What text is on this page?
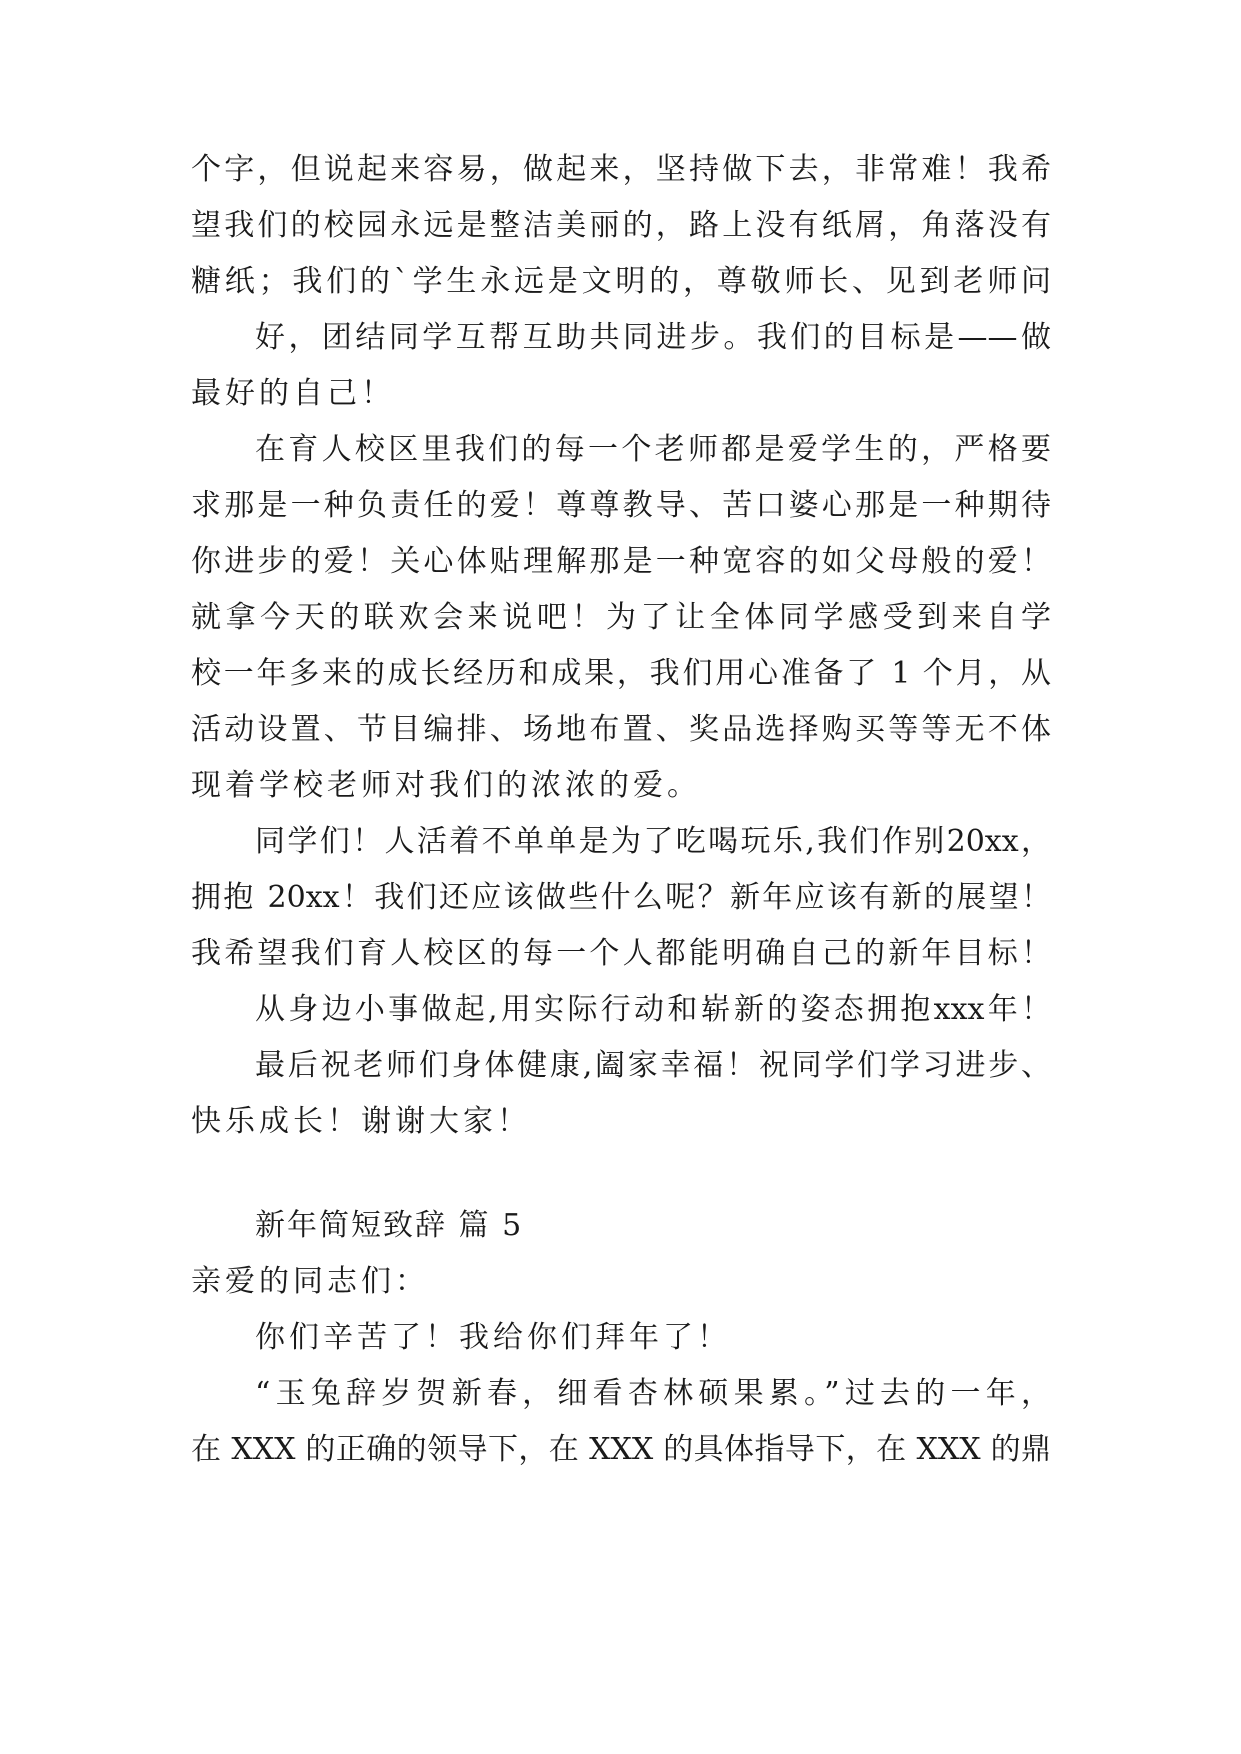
个字，但说起来容易，做起来，坚持做下去，非常难！我希
望我们的校园永远是整洁美丽的，路上没有纸屑，角落没有
糖纸；我们的`学生永远是文明的，尊敬师长、见到老师问
好，团结同学互帮互助共同进步。我们的目标是——做
最好的自己！
在育人校区里我们的每一个老师都是爱学生的，严格要
求那是一种负责任的爱！尊尊教导、苦口婆心那是一种期待
你进步的爱！关心体贴理解那是一种宽容的如父母般的爱！
就拿今天的联欢会来说吧！为了让全体同学感受到来自学
校一年多来的成长经历和成果，我们用心准备了 1 个月，从
活动设置、节目编排、场地布置、奖品选择购买等等无不体
现着学校老师对我们的浓浓的爱。
同学们！人活着不单单是为了吃喝玩乐,我们作别20xx，
拥抱 20xx！我们还应该做些什么呢？新年应该有新的展望！
我希望我们育人校区的每一个人都能明确自己的新年目标！
从身边小事做起,用实际行动和崭新的姿态拥抱xxx年！
最后祝老师们身体健康,阖家幸福！祝同学们学习进步、
快乐成长！谢谢大家！
新年简短致辞 篇 5
亲爱的同志们：
你们辛苦了！我给你们拜年了！
“玉兔辞岁贺新春，细看杏林硕果累。”过去的一年，
在 XXX 的正确的领导下，在 XXX 的具体指导下，在 XXX 的鼎
